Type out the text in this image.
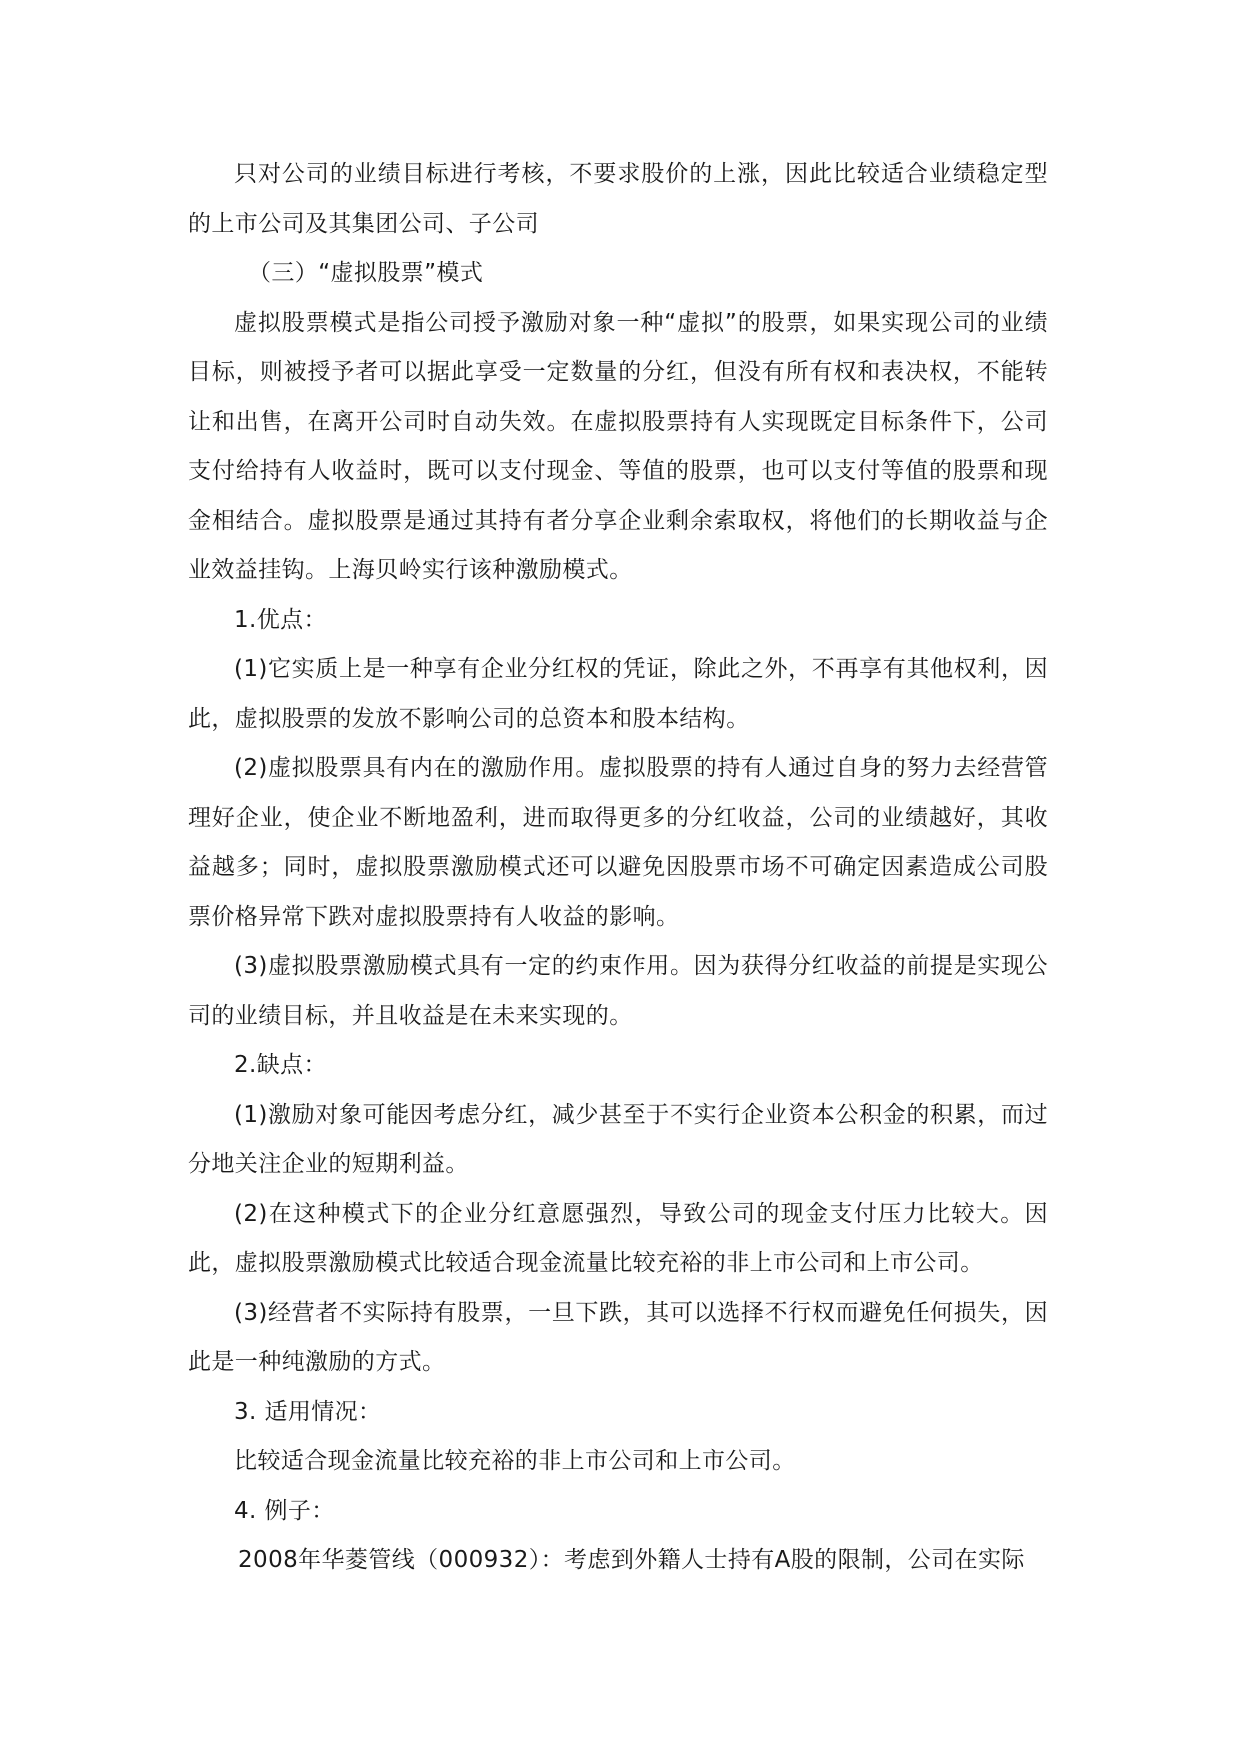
只对公司的业绩目标进行考核，不要求股价的上涨，因此比较适合业绩稳定型的上市公司及其集团公司、子公司

（三）“虚拟股票”模式

虚拟股票模式是指公司授予激励对象一种“虚拟”的股票，如果实现公司的业绩目标，则被授予者可以据此享受一定数量的分红，但没有所有权和表决权，不能转让和出售，在离开公司时自动失效。在虚拟股票持有人实现既定目标条件下，公司支付给持有人收益时，既可以支付现金、等值的股票，也可以支付等值的股票和现金相结合。虚拟股票是通过其持有者分享企业剩余索取权，将他们的长期收益与企业效益挂钩。上海贝岭实行该种激励模式。

1.优点：

(1)它实质上是一种享有企业分红权的凭证，除此之外，不再享有其他权利，因此，虚拟股票的发放不影响公司的总资本和股本结构。

(2)虚拟股票具有内在的激励作用。虚拟股票的持有人通过自身的努力去经营管理好企业，使企业不断地盈利，进而取得更多的分红收益，公司的业绩越好，其收益越多；同时，虚拟股票激励模式还可以避免因股票市场不可确定因素造成公司股票价格异常下跌对虚拟股票持有人收益的影响。

(3)虚拟股票激励模式具有一定的约束作用。因为获得分红收益的前提是实现公司的业绩目标，并且收益是在未来实现的。

2.缺点：

(1)激励对象可能因考虑分红，减少甚至于不实行企业资本公积金的积累，而过分地关注企业的短期利益。

(2)在这种模式下的企业分红意愿强烈，导致公司的现金支付压力比较大。因此，虚拟股票激励模式比较适合现金流量比较充裕的非上市公司和上市公司。

(3)经营者不实际持有股票，一旦下跌，其可以选择不行权而避免任何损失，因此是一种纯激励的方式。

3. 适用情况：

比较适合现金流量比较充裕的非上市公司和上市公司。

4. 例子：

2008年华菱管线（000932）：考虑到外籍人士持有A股的限制，公司在实际
